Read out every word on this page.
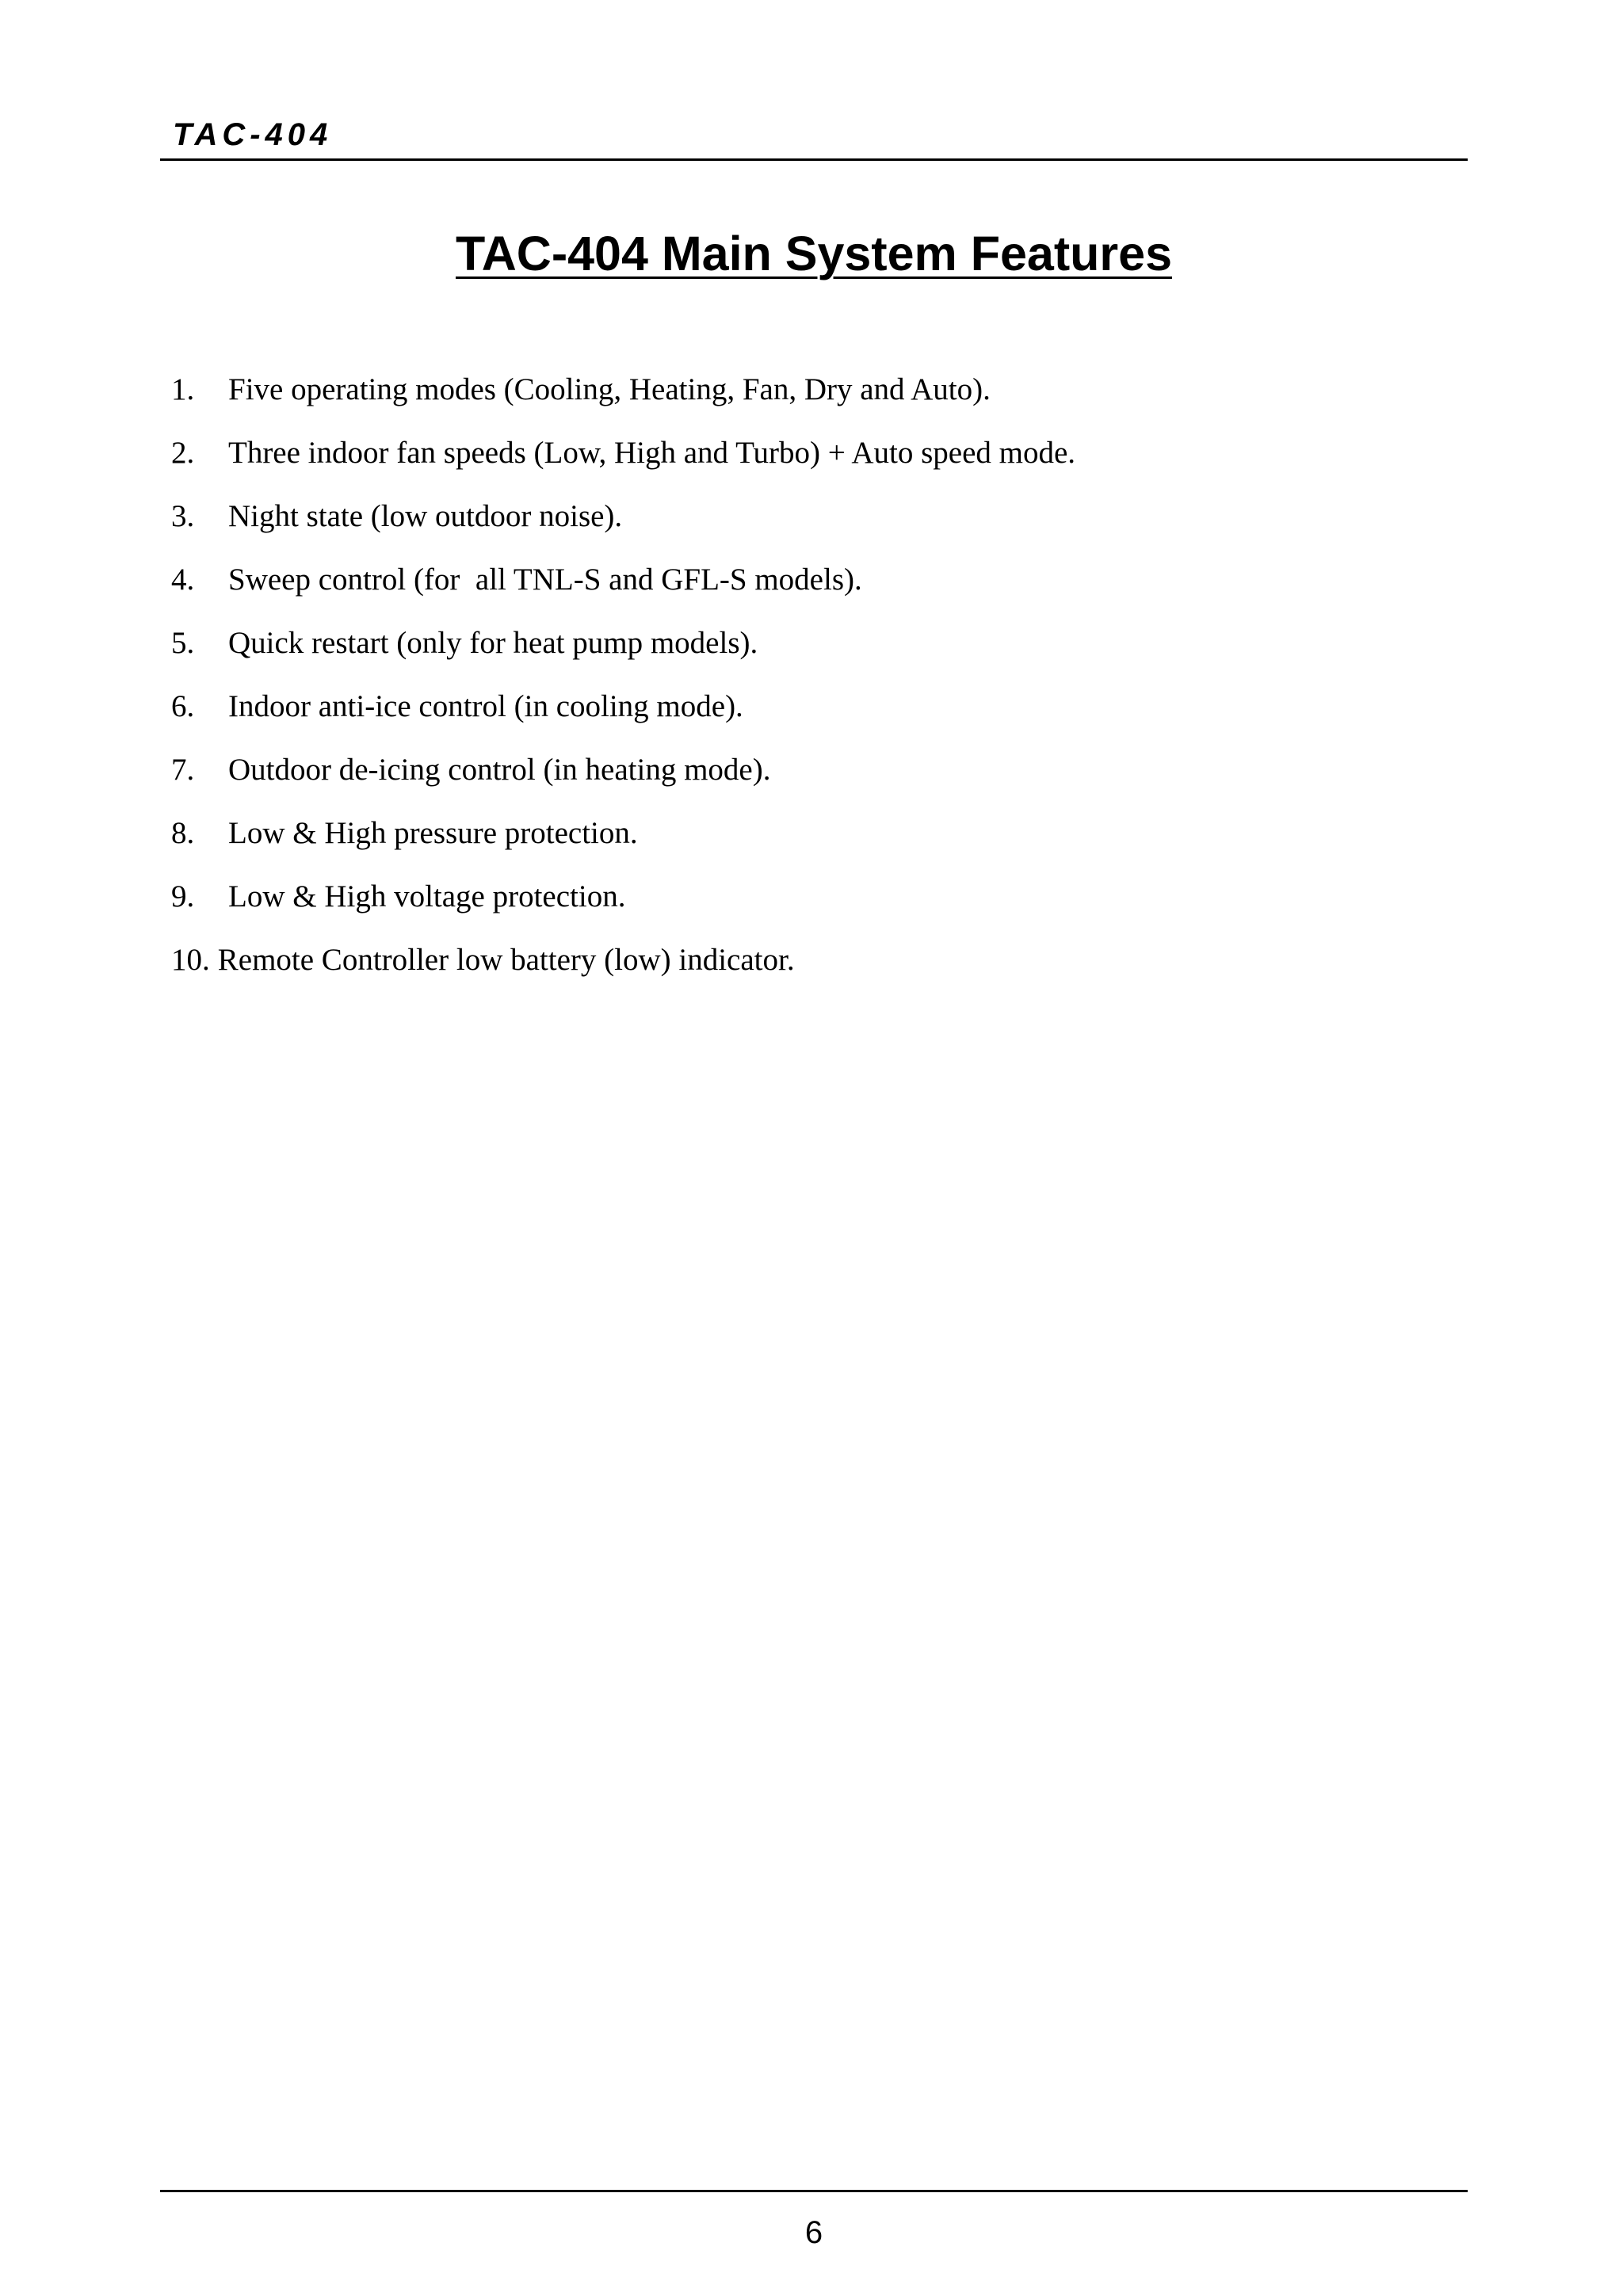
TAC-404
TAC-404 Main System Features
1.	Five operating modes (Cooling, Heating, Fan, Dry and Auto).
2.	Three indoor fan speeds (Low, High and Turbo) + Auto speed mode.
3.	Night state (low outdoor noise).
4.	Sweep control (for  all TNL-S and GFL-S models).
5.	Quick restart (only for heat pump models).
6.	Indoor anti-ice control (in cooling mode).
7.	Outdoor de-icing control (in heating mode).
8.	Low & High pressure protection.
9.	Low & High voltage protection.
10. Remote Controller low battery (low) indicator.
6
